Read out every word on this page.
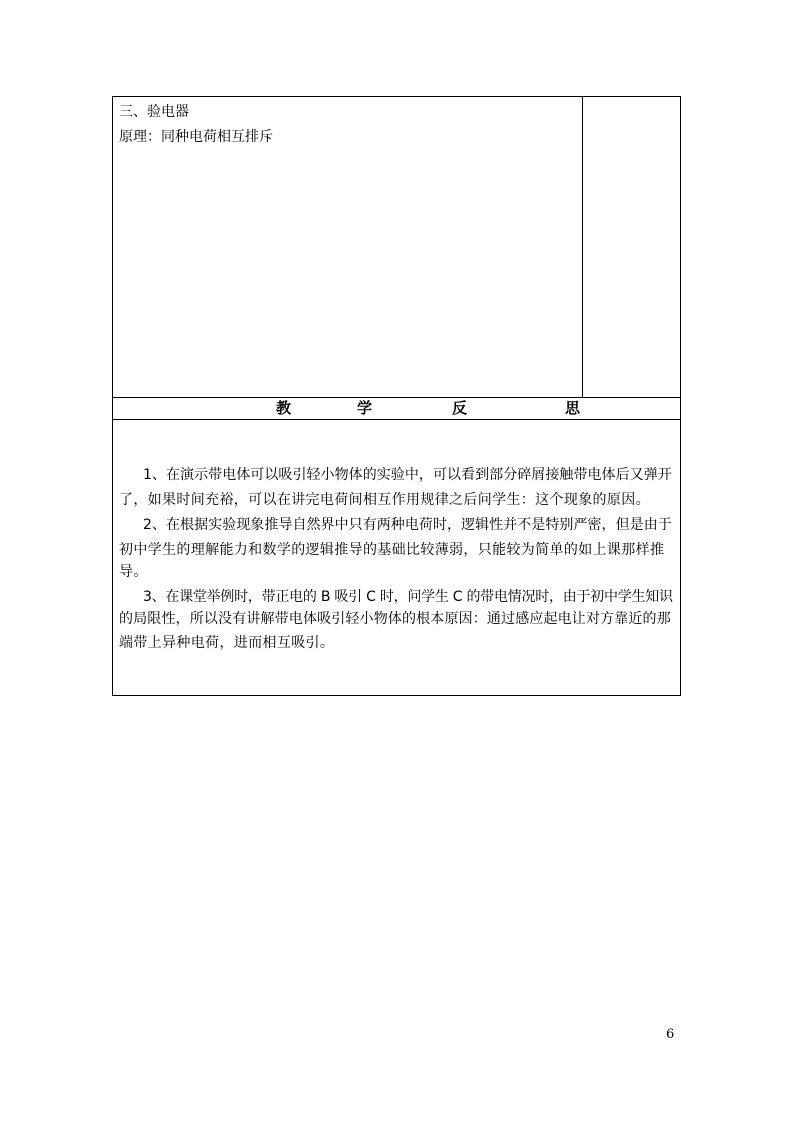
三、验电器
原理：同种电荷相互排斥
教	学	反	思
1、在演示带电体可以吸引轻小物体的实验中，可以看到部分碎屑接触带电体后又弹开
了，如果时间充裕，可以在讲完电荷间相互作用规律之后问学生：这个现象的原因。
2、在根据实验现象推导自然界中只有两种电荷时，逻辑性并不是特别严密，但是由于
初中学生的理解能力和数学的逻辑推导的基础比较薄弱，只能较为简单的如上课那样推
导。
3、在课堂举例时，带正电的 B 吸引 C 时，问学生 C 的带电情况时，由于初中学生知识
的局限性，所以没有讲解带电体吸引轻小物体的根本原因：通过感应起电让对方靠近的那
端带上异种电荷，进而相互吸引。
6
